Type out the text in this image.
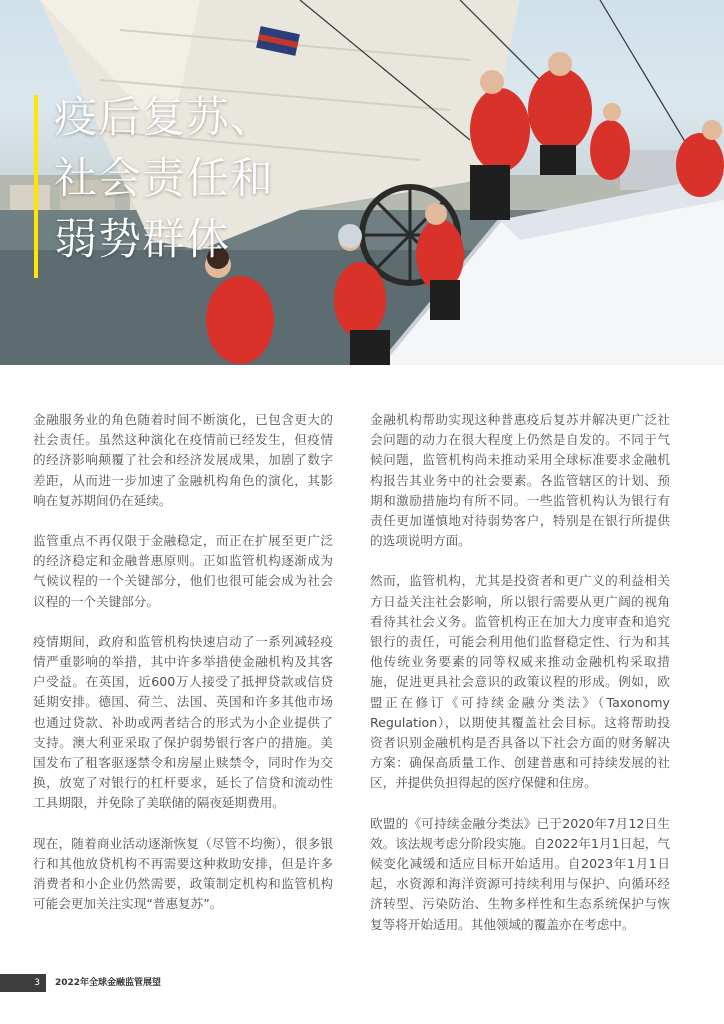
疫后复苏、
社会责任和
弱势群体

金融服务业的角色随着时间不断演化，已包含更大的社会责任。虽然这种演化在疫情前已经发生，但疫情的经济影响颠覆了社会和经济发展成果，加剧了数字差距，从而进一步加速了金融机构角色的演化，其影响在复苏期间仍在延续。

监管重点不再仅限于金融稳定，而正在扩展至更广泛的经济稳定和金融普惠原则。正如监管机构逐渐成为气候议程的一个关键部分，他们也很可能会成为社会议程的一个关键部分。

疫情期间，政府和监管机构快速启动了一系列减轻疫情严重影响的举措，其中许多举措使金融机构及其客户受益。在英国，近600万人接受了抵押贷款或信贷延期安排。德国、荷兰、法国、英国和许多其他市场也通过贷款、补助或两者结合的形式为小企业提供了支持。澳大利亚采取了保护弱势银行客户的措施。美国发布了租客驱逐禁令和房屋止赎禁令，同时作为交换，放宽了对银行的杠杆要求，延长了信贷和流动性工具期限，并免除了美联储的隔夜延期费用。

现在，随着商业活动逐渐恢复（尽管不均衡），很多银行和其他放贷机构不再需要这种救助安排，但是许多消费者和小企业仍然需要，政策制定机构和监管机构可能会更加关注实现“普惠复苏”。

金融机构帮助实现这种普惠疫后复苏并解决更广泛社会问题的动力在很大程度上仍然是自发的。不同于气候问题，监管机构尚未推动采用全球标准要求金融机构报告其业务中的社会要素。各监管辖区的计划、预期和激励措施均有所不同。一些监管机构认为银行有责任更加谨慎地对待弱势客户，特别是在银行所提供的选项说明方面。

然而，监管机构，尤其是投资者和更广义的利益相关方日益关注社会影响，所以银行需要从更广阔的视角看待其社会义务。监管机构正在加大力度审查和追究银行的责任，可能会利用他们监督稳定性、行为和其他传统业务要素的同等权威来推动金融机构采取措施，促进更具社会意识的政策议程的形成。例如，欧盟正在修订《可持续金融分类法》（Taxonomy Regulation），以期使其覆盖社会目标。这将帮助投资者识别金融机构是否具备以下社会方面的财务解决方案：确保高质量工作、创建普惠和可持续发展的社区，并提供负担得起的医疗保健和住房。

欧盟的《可持续金融分类法》已于2020年7月12日生效。该法规考虑分阶段实施。自2022年1月1日起，气候变化减缓和适应目标开始适用。自2023年1月1日起，水资源和海洋资源可持续利用与保护、向循环经济转型、污染防治、生物多样性和生态系统保护与恢复等将开始适用。其他领域的覆盖亦在考虑中。

3	2022年全球金融监管展望
